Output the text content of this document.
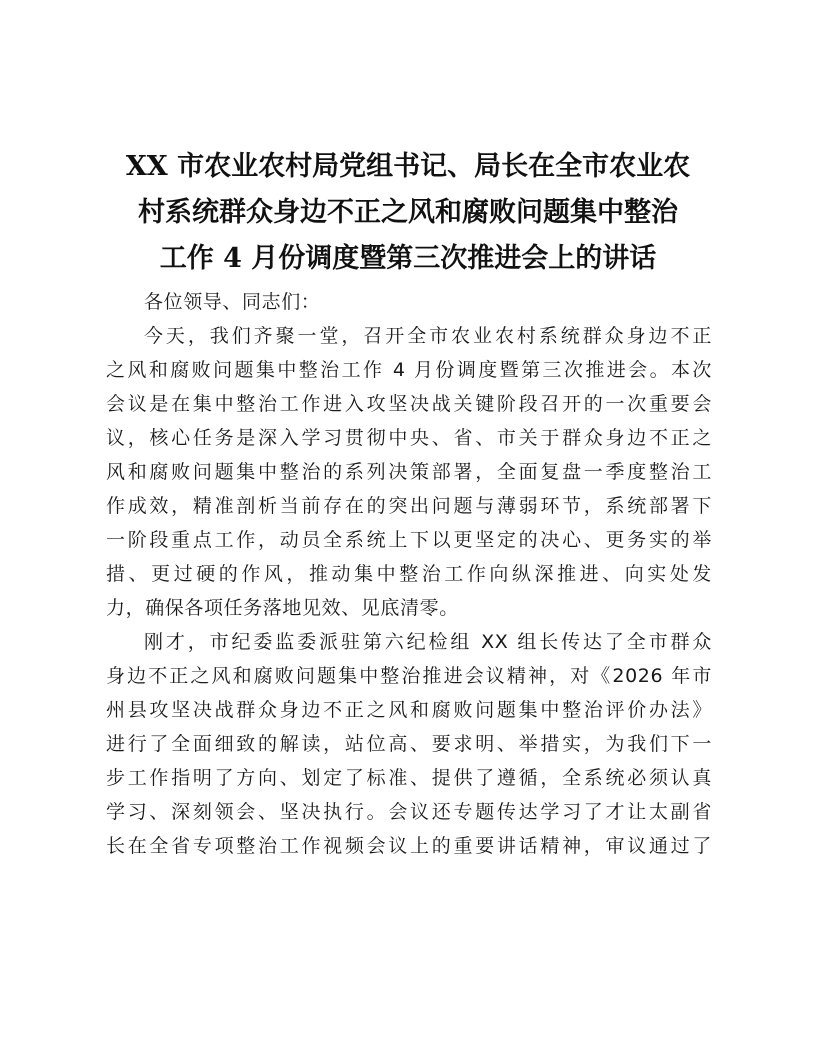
XX 市农业农村局党组书记、局长在全市农业农
村系统群众身边不正之风和腐败问题集中整治
工作 4 月份调度暨第三次推进会上的讲话

各位领导、同志们：

今天，我们齐聚一堂，召开全市农业农村系统群众身边不正
之风和腐败问题集中整治工作 4 月份调度暨第三次推进会。本次
会议是在集中整治工作进入攻坚决战关键阶段召开的一次重要会
议，核心任务是深入学习贯彻中央、省、市关于群众身边不正之
风和腐败问题集中整治的系列决策部署，全面复盘一季度整治工
作成效，精准剖析当前存在的突出问题与薄弱环节，系统部署下
一阶段重点工作，动员全系统上下以更坚定的决心、更务实的举
措、更过硬的作风，推动集中整治工作向纵深推进、向实处发
力，确保各项任务落地见效、见底清零。

刚才，市纪委监委派驻第六纪检组 XX 组长传达了全市群众
身边不正之风和腐败问题集中整治推进会议精神，对《2026 年市
州县攻坚决战群众身边不正之风和腐败问题集中整治评价办法》
进行了全面细致的解读，站位高、要求明、举措实，为我们下一
步工作指明了方向、划定了标准、提供了遵循，全系统必须认真
学习、深刻领会、坚决执行。会议还专题传达学习了才让太副省
长在全省专项整治工作视频会议上的重要讲话精神，审议通过了
